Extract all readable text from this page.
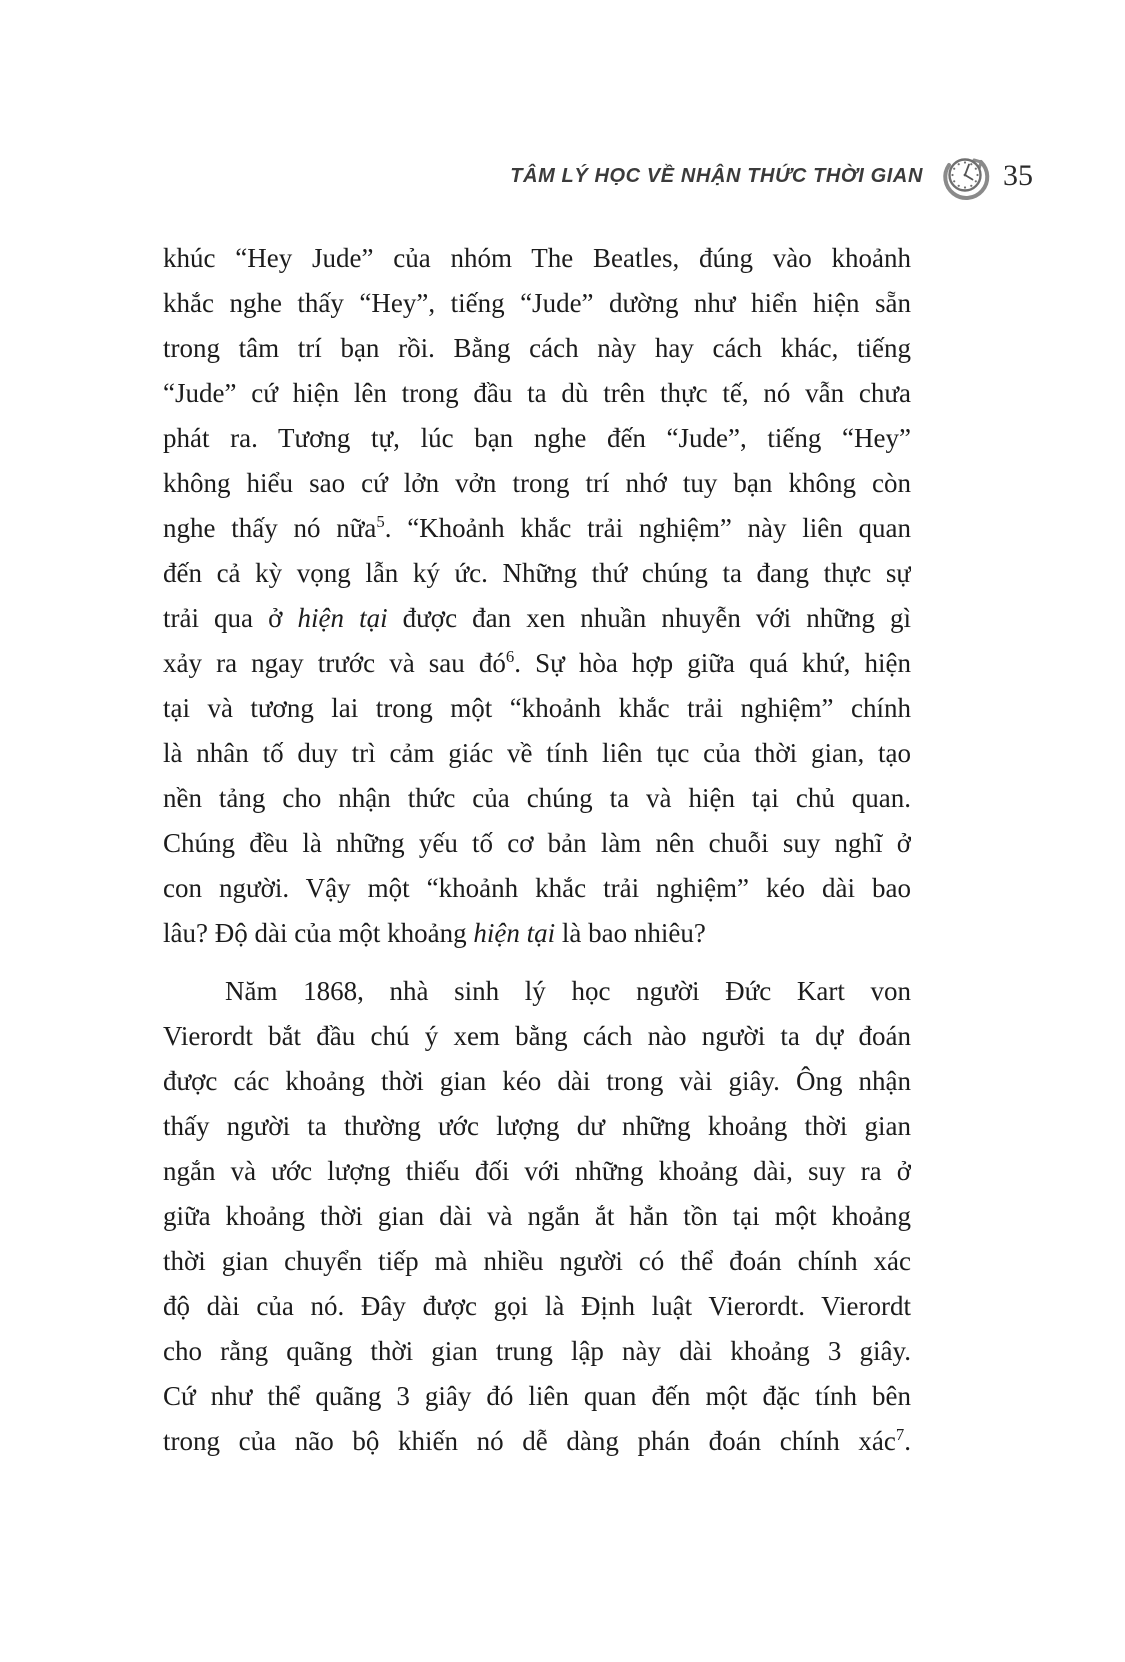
TÂM LÝ HỌC VỀ NHẬN THỨC THỜI GIAN	35
khúc “Hey Jude” của nhóm The Beatles, đúng vào khoảnh
khắc nghe thấy “Hey”, tiếng “Jude” dường như hiển hiện sẵn
trong tâm trí bạn rồi. Bằng cách này hay cách khác, tiếng
“Jude” cứ hiện lên trong đầu ta dù trên thực tế, nó vẫn chưa
phát ra. Tương tự, lúc bạn nghe đến “Jude”, tiếng “Hey”
không hiểu sao cứ lởn vởn trong trí nhớ tuy bạn không còn
nghe thấy nó nữa$^5$. “Khoảnh khắc trải nghiệm” này liên quan
đến cả kỳ vọng lẫn ký ức. Những thứ chúng ta đang thực sự
trải qua ở hiện tại được đan xen nhuần nhuyễn với những gì
xảy ra ngay trước và sau $đó^6$. Sự hòa hợp giữa quá khứ, hiện
tại và tương lai trong một “khoảnh khắc trải nghiệm” chính
là nhân tố duy trì cảm giác về tính liên tục của thời gian, tạo
nền tảng cho nhận thức của chúng ta và hiện tại chủ quan.
Chúng đều là những yếu tố cơ bản làm nên chuỗi suy nghĩ ở
con người. Vậy một “khoảnh khắc trải nghiệm” kéo dài bao
lâu? Độ dài của một khoảng hiện tại là bao nhiêu?
Năm 1868, nhà sinh lý học người Đức Kart von
Vierordt bắt đầu chú ý xem bằng cách nào người ta dự đoán
được các khoảng thời gian kéo dài trong vài giây. Ông nhận
thấy người ta thường ước lượng dư những khoảng thời gian
ngắn và ước lượng thiếu đối với những khoảng dài, suy ra ở
giữa khoảng thời gian dài và ngắn ắt hẳn tồn tại một khoảng
thời gian chuyển tiếp mà nhiều người có thể đoán chính xác
độ dài của nó. Đây được gọi là Định luật Vierordt. Vierordt
cho rằng quãng thời gian trung lập này dài khoảng 3 giây.
Cứ như thể quãng 3 giây đó liên quan đến một đặc tính bên
trong của não bộ khiến nó dễ dàng phán đoán chính xác$^7$.
